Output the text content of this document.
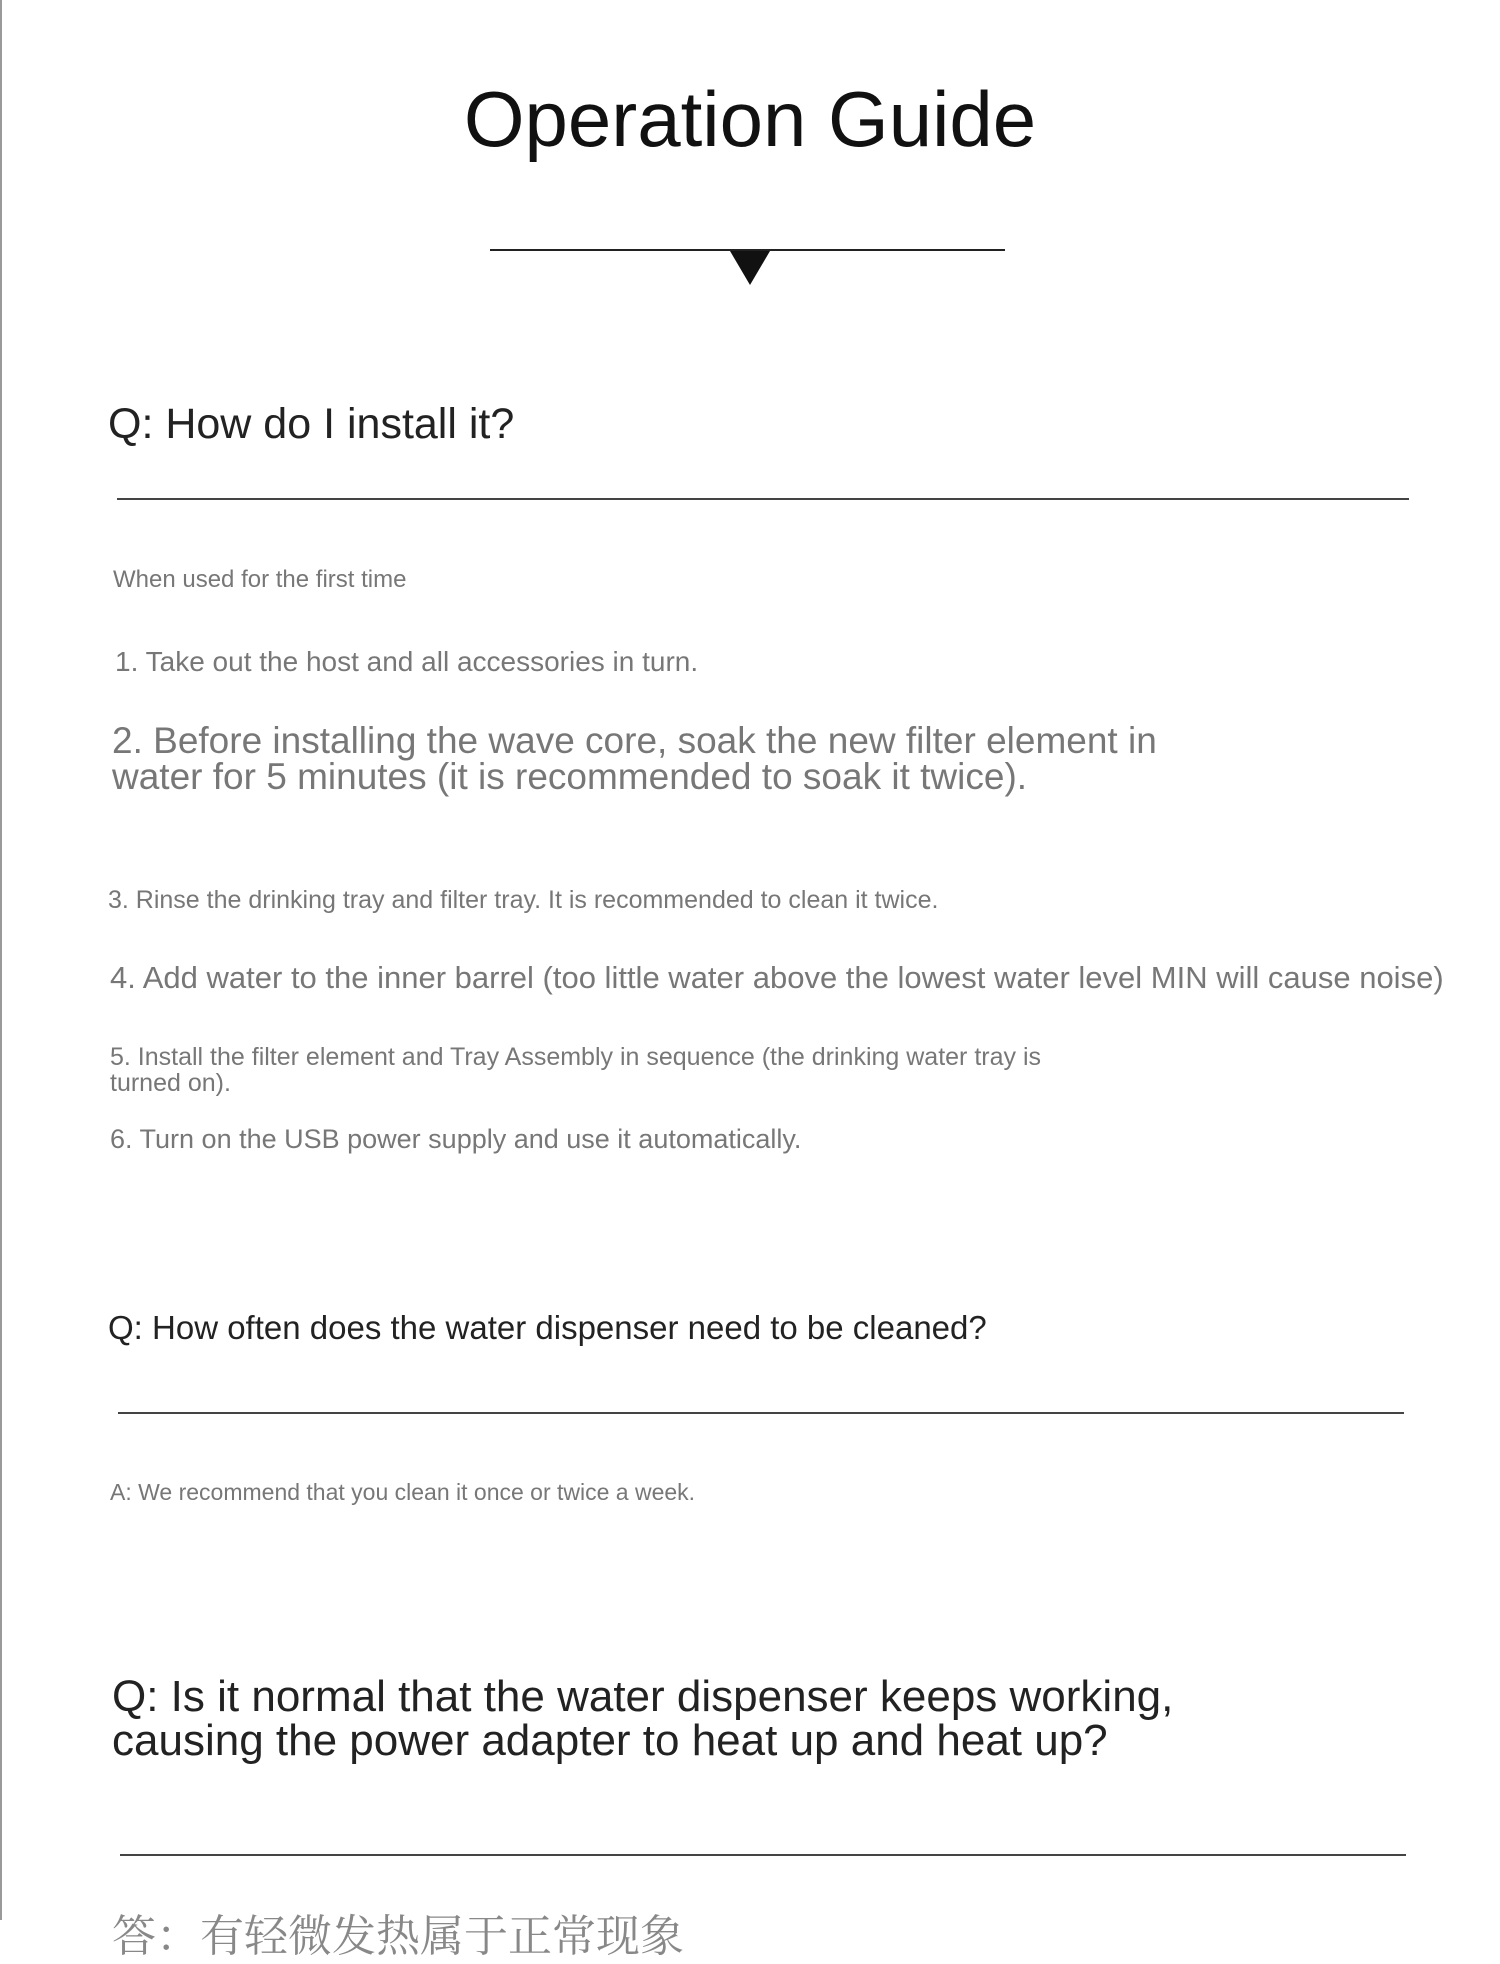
Operation Guide
Q: How do I install it?
When used for the first time
1. Take out the host and all accessories in turn.
2. Before installing the wave core, soak the new filter element in water for 5 minutes (it is recommended to soak it twice).
3. Rinse the drinking tray and filter tray. It is recommended to clean it twice.
4. Add water to the inner barrel (too little water above the lowest water level MIN will cause noise)
5. Install the filter element and Tray Assembly in sequence (the drinking water tray is turned on).
6. Turn on the USB power supply and use it automatically.
Q: How often does the water dispenser need to be cleaned?
A: We recommend that you clean it once or twice a week.
Q: Is it normal that the water dispenser keeps working, causing the power adapter to heat up and heat up?
答：有轻微发热属于正常现象
